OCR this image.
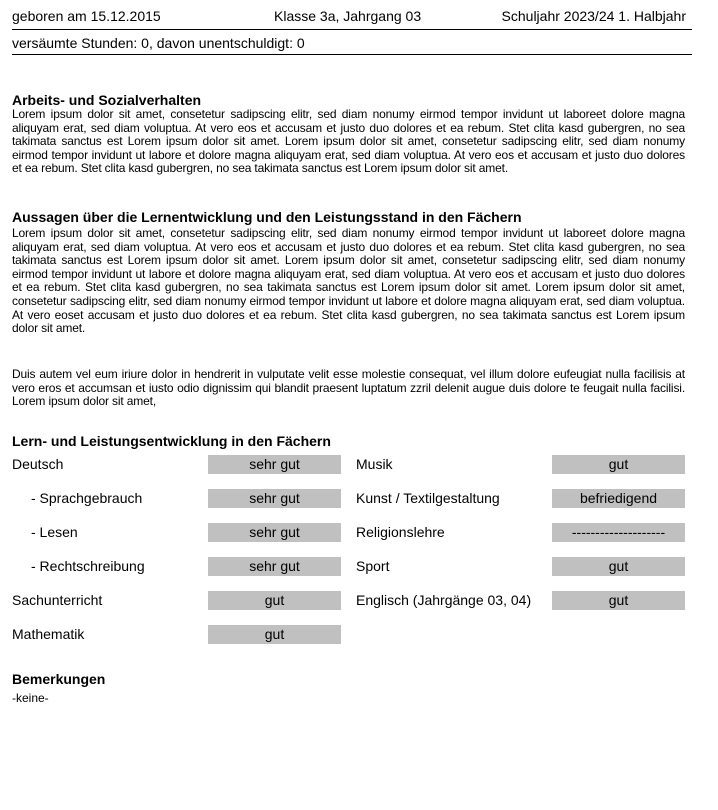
geboren am 15.12.2015	Klasse 3a, Jahrgang 03	Schuljahr 2023/24 1. Halbjahr
versäumte Stunden: 0, davon unentschuldigt: 0
Arbeits- und Sozialverhalten
Lorem ipsum dolor sit amet, consetetur sadipscing elitr, sed diam nonumy eirmod tempor invidunt ut laboreet dolore magna aliquyam erat, sed diam voluptua. At vero eos et accusam et justo duo dolores et ea rebum. Stet clita kasd gubergren, no sea takimata sanctus est Lorem ipsum dolor sit amet. Lorem ipsum dolor sit amet, consetetur sadipscing elitr, sed diam nonumy eirmod tempor invidunt ut labore et dolore magna aliquyam erat, sed diam voluptua. At vero eos et accusam et justo duo dolores et ea rebum. Stet clita kasd gubergren, no sea takimata sanctus est Lorem ipsum dolor sit amet.
Aussagen über die Lernentwicklung und den Leistungsstand in den Fächern
Lorem ipsum dolor sit amet, consetetur sadipscing elitr, sed diam nonumy eirmod tempor invidunt ut laboreet dolore magna aliquyam erat, sed diam voluptua. At vero eos et accusam et justo duo dolores et ea rebum. Stet clita kasd gubergren, no sea takimata sanctus est Lorem ipsum dolor sit amet. Lorem ipsum dolor sit amet, consetetur sadipscing elitr, sed diam nonumy eirmod tempor invidunt ut labore et dolore magna aliquyam erat, sed diam voluptua. At vero eos et accusam et justo duo dolores et ea rebum. Stet clita kasd gubergren, no sea takimata sanctus est Lorem ipsum dolor sit amet. Lorem ipsum dolor sit amet, consetetur sadipscing elitr, sed diam nonumy eirmod tempor invidunt ut labore et dolore magna aliquyam erat, sed diam voluptua. At vero eoset accusam et justo duo dolores et ea rebum. Stet clita kasd gubergren, no sea takimata sanctus est Lorem ipsum dolor sit amet.
Duis autem vel eum iriure dolor in hendrerit in vulputate velit esse molestie consequat, vel illum dolore eufeugiat nulla facilisis at vero eros et accumsan et iusto odio dignissim qui blandit praesent luptatum zzril delenit augue duis dolore te feugait nulla facilisi. Lorem ipsum dolor sit amet,
Lern- und Leistungsentwicklung in den Fächern
Deutsch	sehr gut
- Sprachgebrauch	sehr gut
- Lesen	sehr gut
- Rechtschreibung	sehr gut
Sachunterricht	gut
Mathematik	gut
Musik	gut
Kunst / Textilgestaltung	befriedigend
Religionslehre	--------------------
Sport	gut
Englisch (Jahrgänge 03, 04)	gut
Bemerkungen
-keine-
